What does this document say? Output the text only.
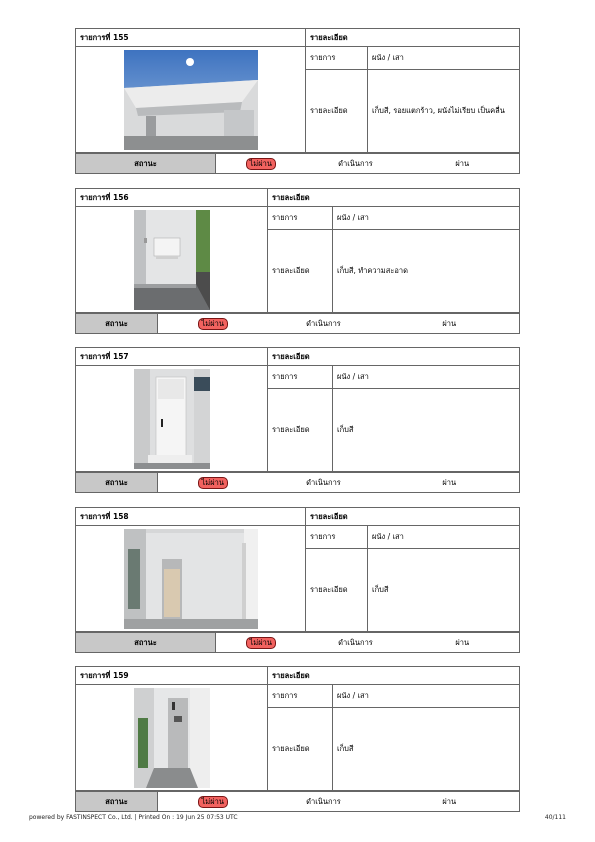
รายการที่ 155	รายละเอียด	
	รายการ	ผนัง / เสา
	รายละเอียด	เก็บสี, รอยแตกร้าว, ผนังไม่เรียบ เป็นคลื่น
สถานะ	ไม่ผ่าน	ดำเนินการ	ผ่าน
รายการที่ 156	รายละเอียด	
	รายการ	ผนัง / เสา
	รายละเอียด	เก็บสี, ทำความสะอาด
สถานะ	ไม่ผ่าน	ดำเนินการ	ผ่าน
รายการที่ 157	รายละเอียด	
	รายการ	ผนัง / เสา
	รายละเอียด	เก็บสี
สถานะ	ไม่ผ่าน	ดำเนินการ	ผ่าน
รายการที่ 158	รายละเอียด	
	รายการ	ผนัง / เสา
	รายละเอียด	เก็บสี
สถานะ	ไม่ผ่าน	ดำเนินการ	ผ่าน
รายการที่ 159	รายละเอียด	
	รายการ	ผนัง / เสา
	รายละเอียด	เก็บสี
สถานะ	ไม่ผ่าน	ดำเนินการ	ผ่าน
powered by FASTINSPECT Co., Ltd. | Printed On : 19 Jun 25 07:53 UTC	40/111
